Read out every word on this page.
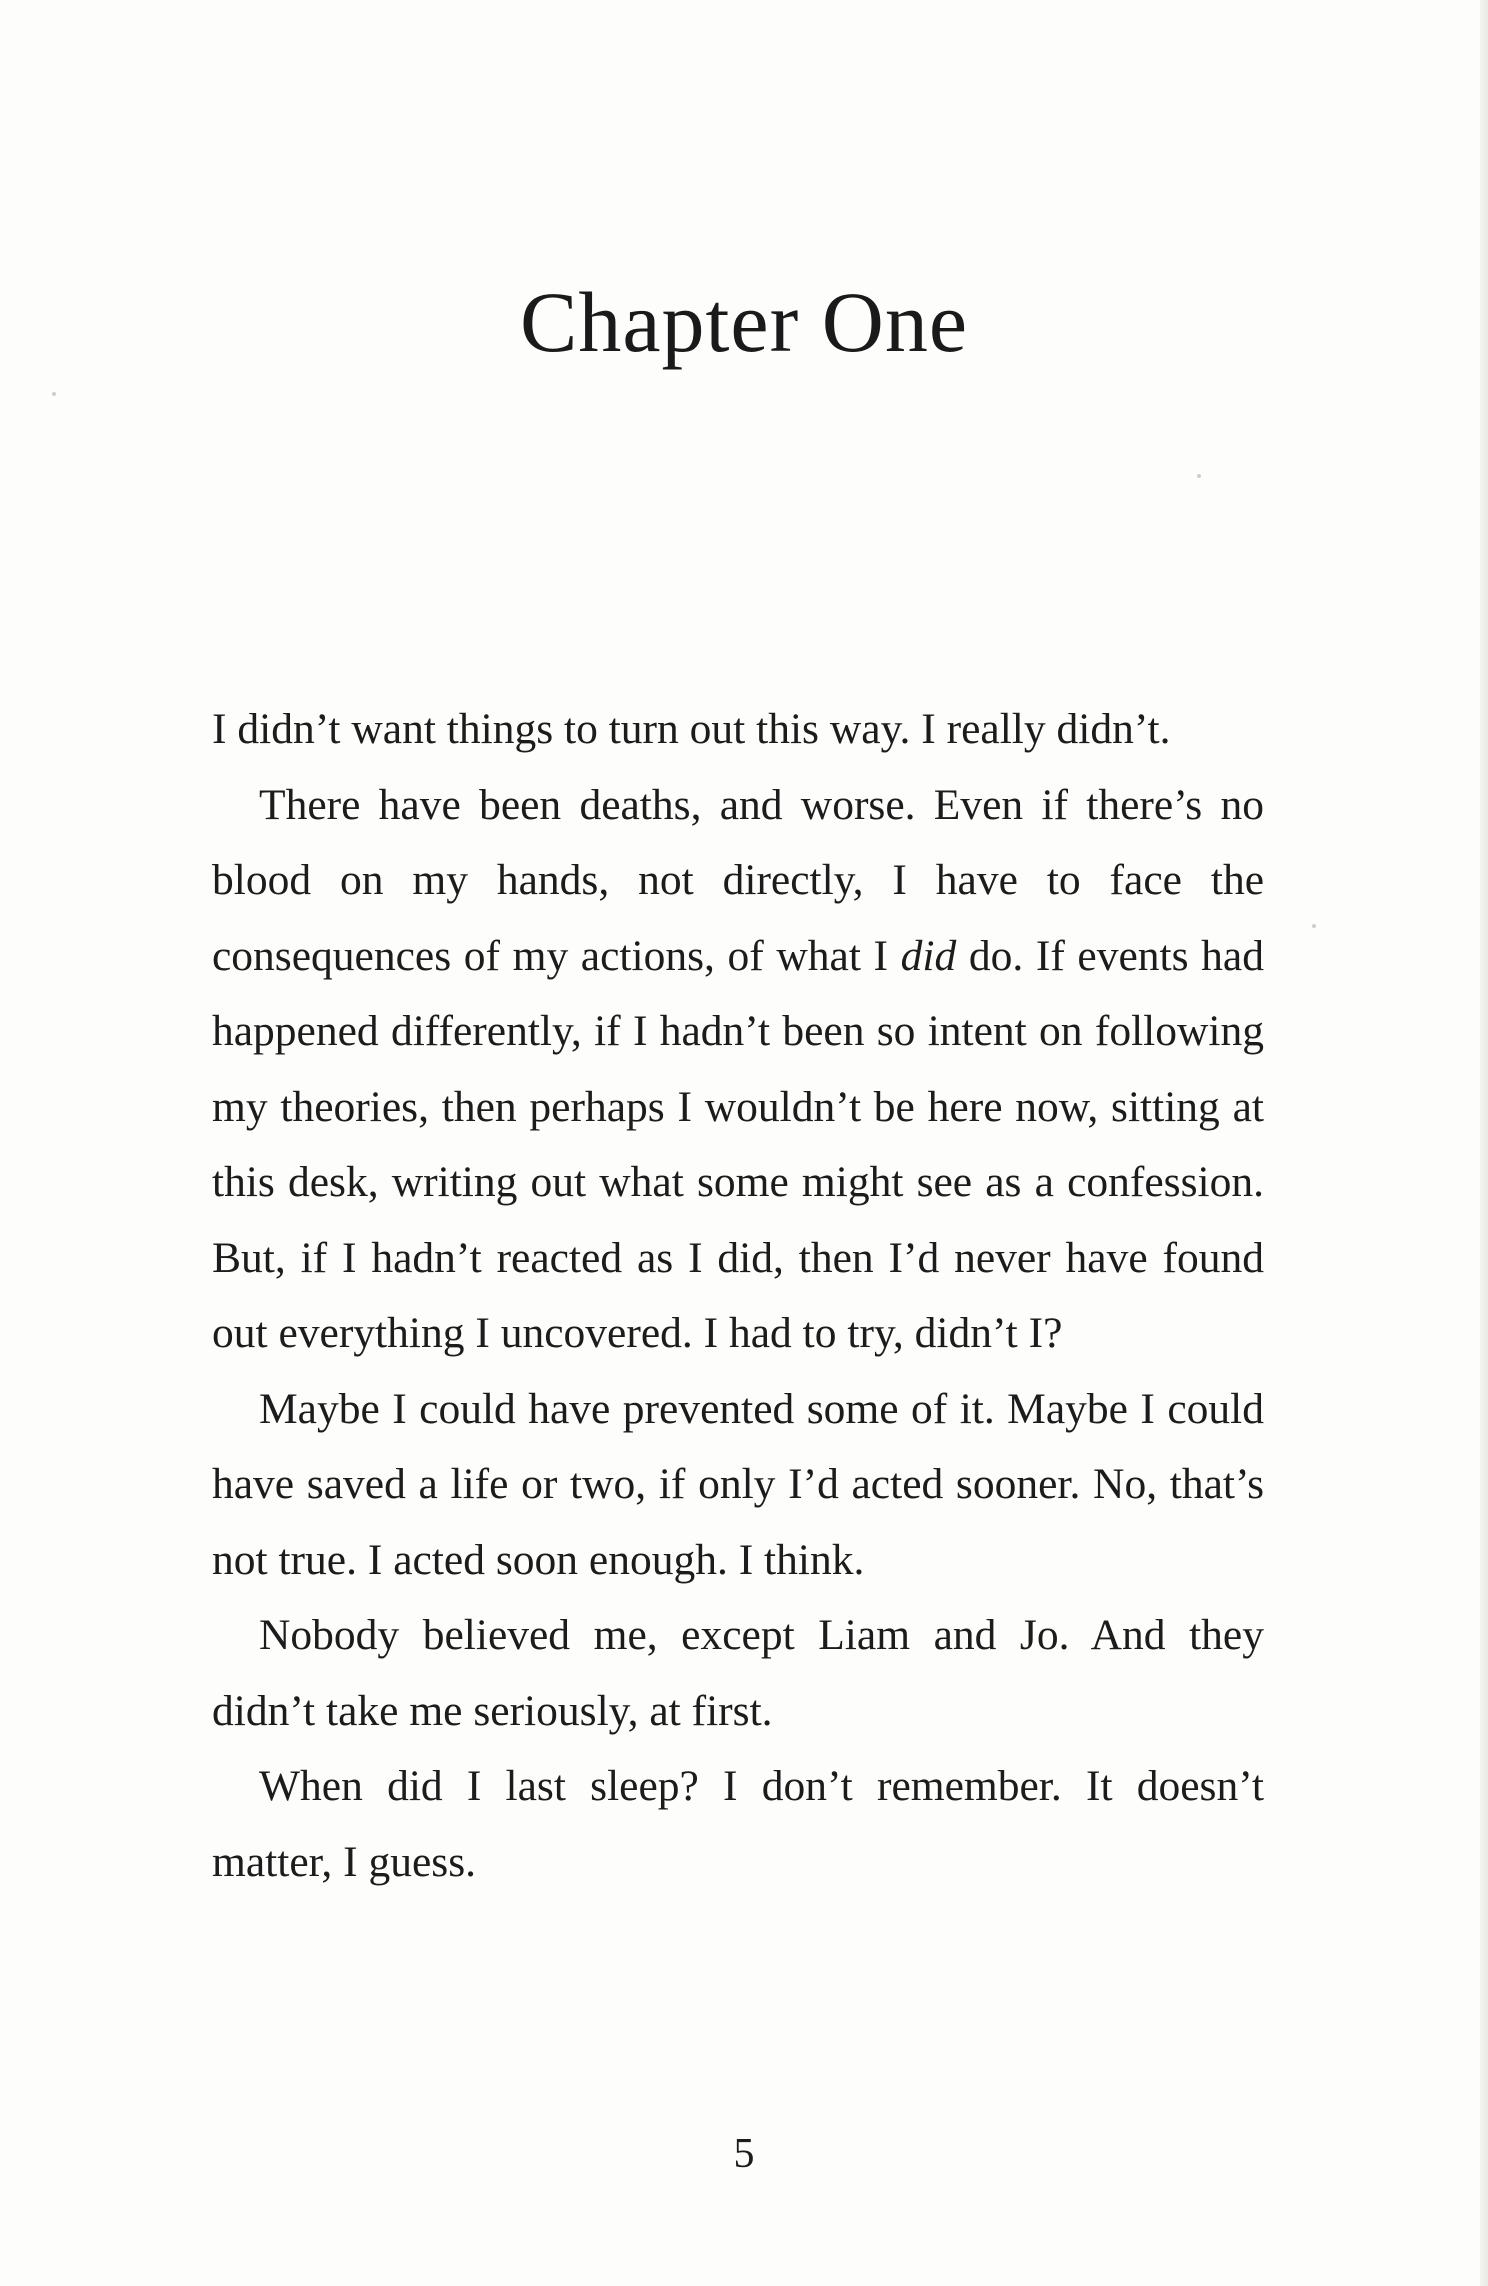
Chapter One

I didn’t want things to turn out this way. I really didn’t.

There have been deaths, and worse. Even if there’s no blood on my hands, not directly, I have to face the consequences of my actions, of what I did do. If events had happened differently, if I hadn’t been so intent on following my theories, then perhaps I wouldn’t be here now, sitting at this desk, writing out what some might see as a confession. But, if I hadn’t reacted as I did, then I’d never have found out everything I uncovered. I had to try, didn’t I?

Maybe I could have prevented some of it. Maybe I could have saved a life or two, if only I’d acted sooner. No, that’s not true. I acted soon enough. I think.

Nobody believed me, except Liam and Jo. And they didn’t take me seriously, at first.

When did I last sleep? I don’t remember. It doesn’t matter, I guess.

5
